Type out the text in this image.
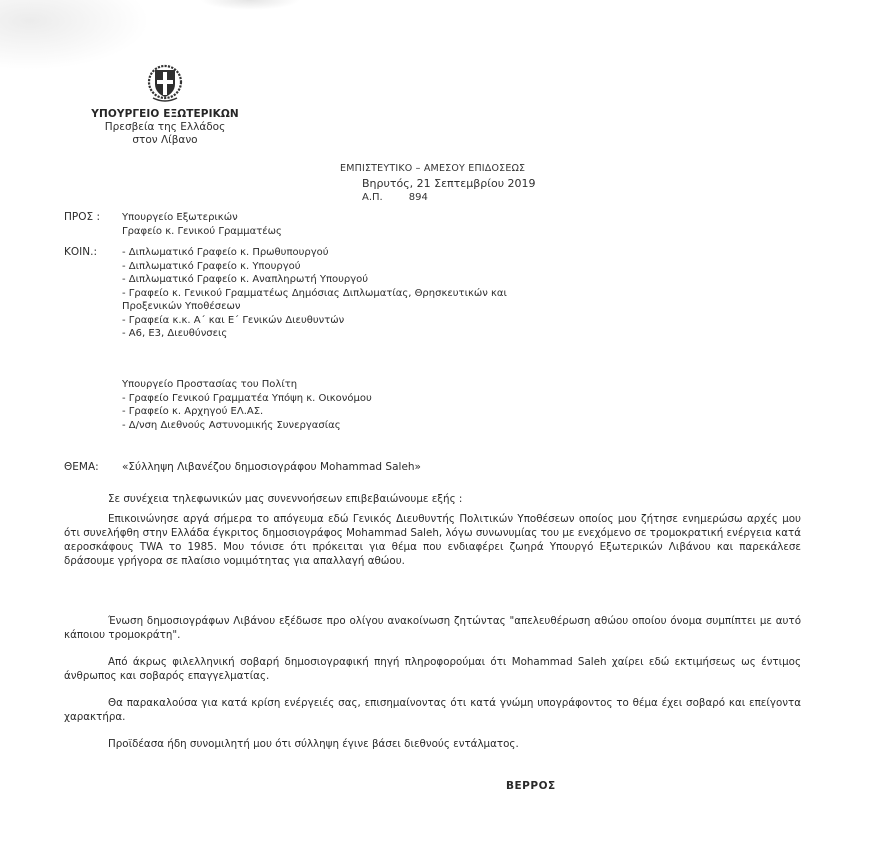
ΥΠΟΥΡΓΕΙΟ ΕΞΩΤΕΡΙΚΩΝ
Πρεσβεία της Ελλάδος
στον Λίβανο
ΕΜΠΙΣΤΕΥΤΙΚΟ – ΑΜΕΣΟΥ ΕΠΙΔΟΣΕΩΣ
Βηρυτός, 21 Σεπτεμβρίου 2019
Α.Π.	894
ΠΡΟΣ : Υπουργείο Εξωτερικών
Γραφείο κ. Γενικού Γραμματέως
ΚΟΙΝ.:	- Διπλωματικό Γραφείο κ. Πρωθυπουργού
- Διπλωματικό Γραφείο κ. Υπουργού
- Διπλωματικό Γραφείο κ. Αναπληρωτή Υπουργού
- Γραφείο κ. Γενικού Γραμματέως Δημόσιας Διπλωματίας, Θρησκευτικών και
Προξενικών Υποθέσεων
- Γραφεία κ.κ. Α΄ και Ε΄ Γενικών Διευθυντών
- Α6, Ε3, Διευθύνσεις
Υπουργείο Προστασίας του Πολίτη
- Γραφείο Γενικού Γραμματέα Υπόψη κ. Οικονόμου
- Γραφείο κ. Αρχηγού ΕΛ.ΑΣ.
- Δ/νση Διεθνούς Αστυνομικής Συνεργασίας
ΘΕΜΑ: «Σύλληψη Λιβανέζου δημοσιογράφου Mohammad Saleh»

Σε συνέχεια τηλεφωνικών μας συνεννοήσεων επιβεβαιώνουμε εξής :

Επικοινώνησε αργά σήμερα το απόγευμα εδώ Γενικός Διευθυντής Πολιτικών Υποθέσεων οποίος μου ζήτησε ενημερώσω αρχές μου ότι συνελήφθη στην Ελλάδα έγκριτος δημοσιογράφος Mohammad Saleh, λόγω συνωνυμίας του με ενεχόμενο σε τρομοκρατική ενέργεια κατά αεροσκάφους TWA το 1985. Μου τόνισε ότι πρόκειται για θέμα που ενδιαφέρει ζωηρά Υπουργό Εξωτερικών Λιβάνου και παρεκάλεσε δράσουμε γρήγορα σε πλαίσιο νομιμότητας για απαλλαγή αθώου.

Ένωση δημοσιογράφων Λιβάνου εξέδωσε προ ολίγου ανακοίνωση ζητώντας "απελευθέρωση αθώου οποίου όνομα συμπίπτει με αυτό κάποιου τρομοκράτη".

Από άκρως φιλελληνική σοβαρή δημοσιογραφική πηγή πληροφορούμαι ότι Mohammad Saleh χαίρει εδώ εκτιμήσεως ως έντιμος άνθρωπος και σοβαρός επαγγελματίας.

Θα παρακαλούσα για κατά κρίση ενέργειές σας, επισημαίνοντας ότι κατά γνώμη υπογράφοντος το θέμα έχει σοβαρό και επείγοντα χαρακτήρα.

Προϊδέασα ήδη συνομιλητή μου ότι σύλληψη έγινε βάσει διεθνούς εντάλματος.

ΒΕΡΡΟΣ
